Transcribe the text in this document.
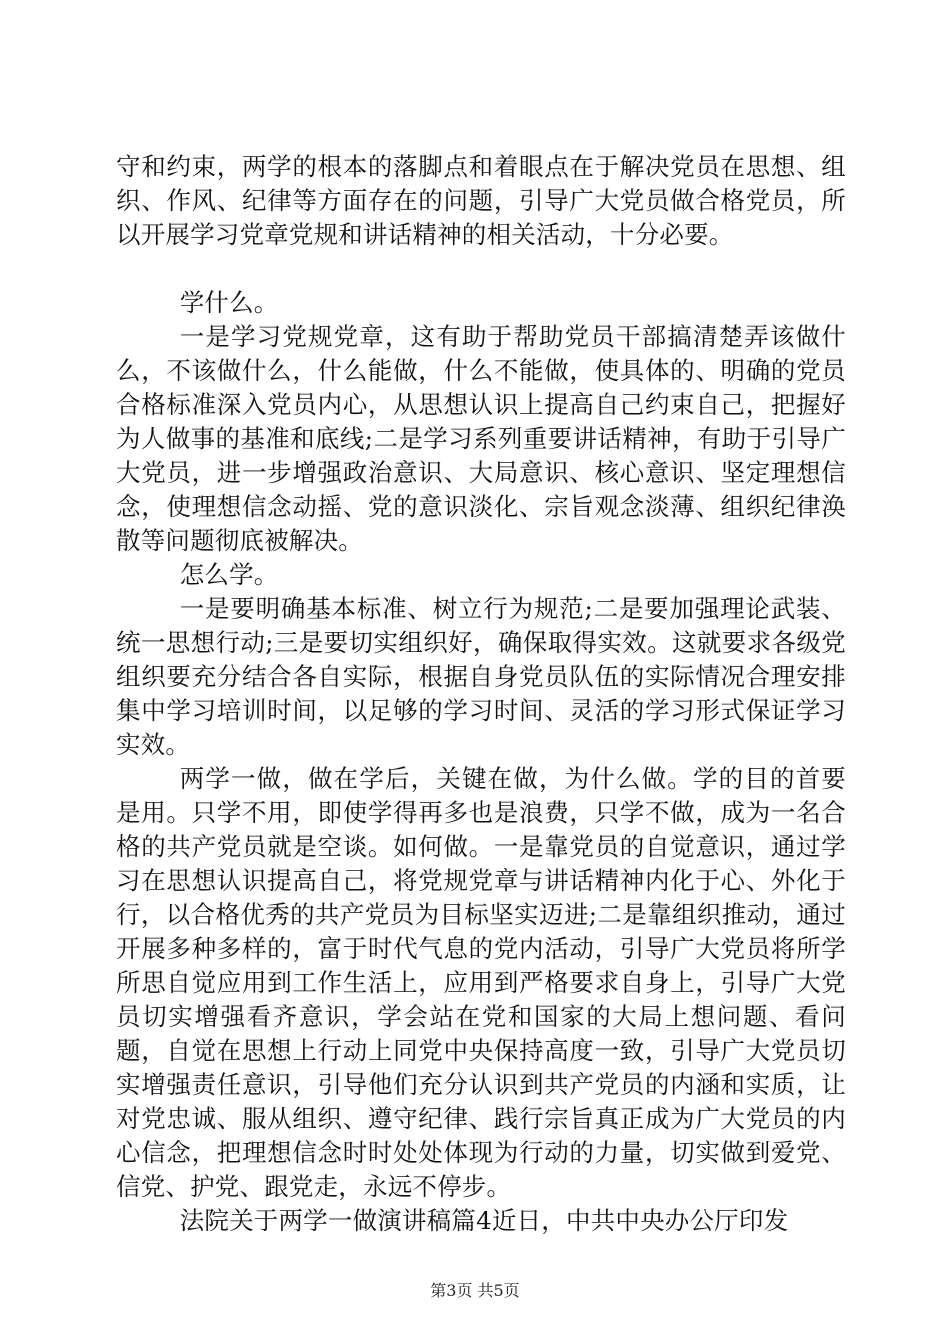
守和约束，两学的根本的落脚点和着眼点在于解决党员在思想、组织、作风、纪律等方面存在的问题，引导广大党员做合格党员，所以开展学习党章党规和讲话精神的相关活动，十分必要。

学什么。

一是学习党规党章，这有助于帮助党员干部搞清楚弄该做什么，不该做什么，什么能做，什么不能做，使具体的、明确的党员合格标准深入党员内心，从思想认识上提高自己约束自己，把握好为人做事的基准和底线;二是学习系列重要讲话精神，有助于引导广大党员，进一步增强政治意识、大局意识、核心意识、坚定理想信念，使理想信念动摇、党的意识淡化、宗旨观念淡薄、组织纪律涣散等问题彻底被解决。

怎么学。

一是要明确基本标准、树立行为规范;二是要加强理论武装、统一思想行动;三是要切实组织好，确保取得实效。这就要求各级党组织要充分结合各自实际，根据自身党员队伍的实际情况合理安排集中学习培训时间，以足够的学习时间、灵活的学习形式保证学习实效。

两学一做，做在学后，关键在做，为什么做。学的目的首要是用。只学不用，即使学得再多也是浪费，只学不做，成为一名合格的共产党员就是空谈。如何做。一是靠党员的自觉意识，通过学习在思想认识提高自己，将党规党章与讲话精神内化于心、外化于行，以合格优秀的共产党员为目标坚实迈进;二是靠组织推动，通过开展多种多样的，富于时代气息的党内活动，引导广大党员将所学所思自觉应用到工作生活上，应用到严格要求自身上，引导广大党员切实增强看齐意识，学会站在党和国家的大局上想问题、看问题，自觉在思想上行动上同党中央保持高度一致，引导广大党员切实增强责任意识，引导他们充分认识到共产党员的内涵和实质，让对党忠诚、服从组织、遵守纪律、践行宗旨真正成为广大党员的内心信念，把理想信念时时处处体现为行动的力量，切实做到爱党、信党、护党、跟党走，永远不停步。

法院关于两学一做演讲稿篇4近日，中共中央办公厅印发

第3页 共5页
